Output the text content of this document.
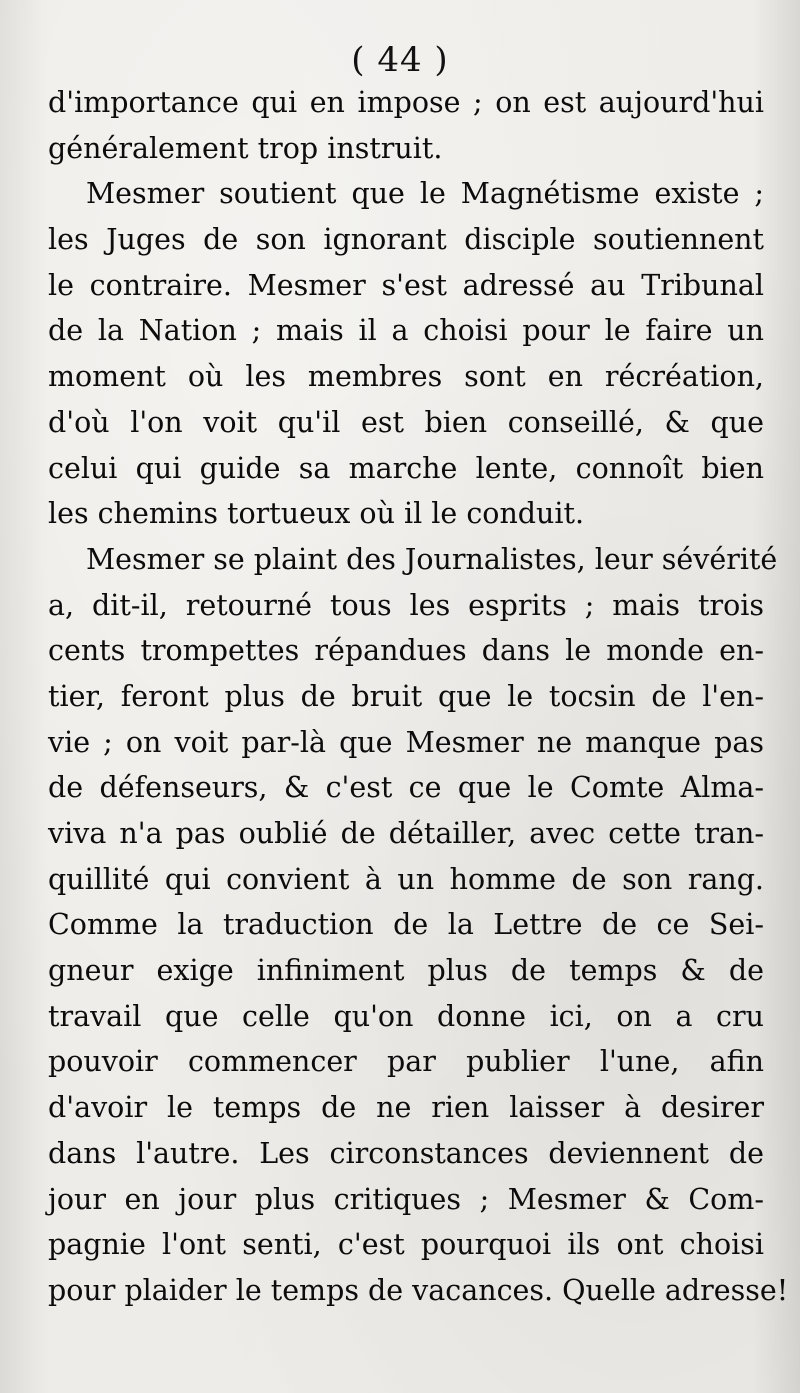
( 44 )
d'importance qui en impose ; on est aujourd'hui
généralement trop instruit.
Mesmer soutient que le Magnétisme existe ;
les Juges de son ignorant disciple soutiennent
le contraire. Mesmer s'est adressé au Tribunal
de la Nation ; mais il a choisi pour le faire un
moment où les membres sont en récréation,
d'où l'on voit qu'il est bien conseillé, & que
celui qui guide sa marche lente, connoît bien
les chemins tortueux où il le conduit.
Mesmer se plaint des Journalistes, leur sévérité
a, dit-il, retourné tous les esprits ; mais trois
cents trompettes répandues dans le monde en-
tier, feront plus de bruit que le tocsin de l'en-
vie ; on voit par-là que Mesmer ne manque pas
de défenseurs, & c'est ce que le Comte Alma-
viva n'a pas oublié de détailler, avec cette tran-
quillité qui convient à un homme de son rang.
Comme la traduction de la Lettre de ce Sei-
gneur exige infiniment plus de temps & de
travail que celle qu'on donne ici, on a cru
pouvoir commencer par publier l'une, afin
d'avoir le temps de ne rien laisser à desirer
dans l'autre. Les circonstances deviennent de
jour en jour plus critiques ; Mesmer & Com-
pagnie l'ont senti, c'est pourquoi ils ont choisi
pour plaider le temps de vacances. Quelle adresse!
